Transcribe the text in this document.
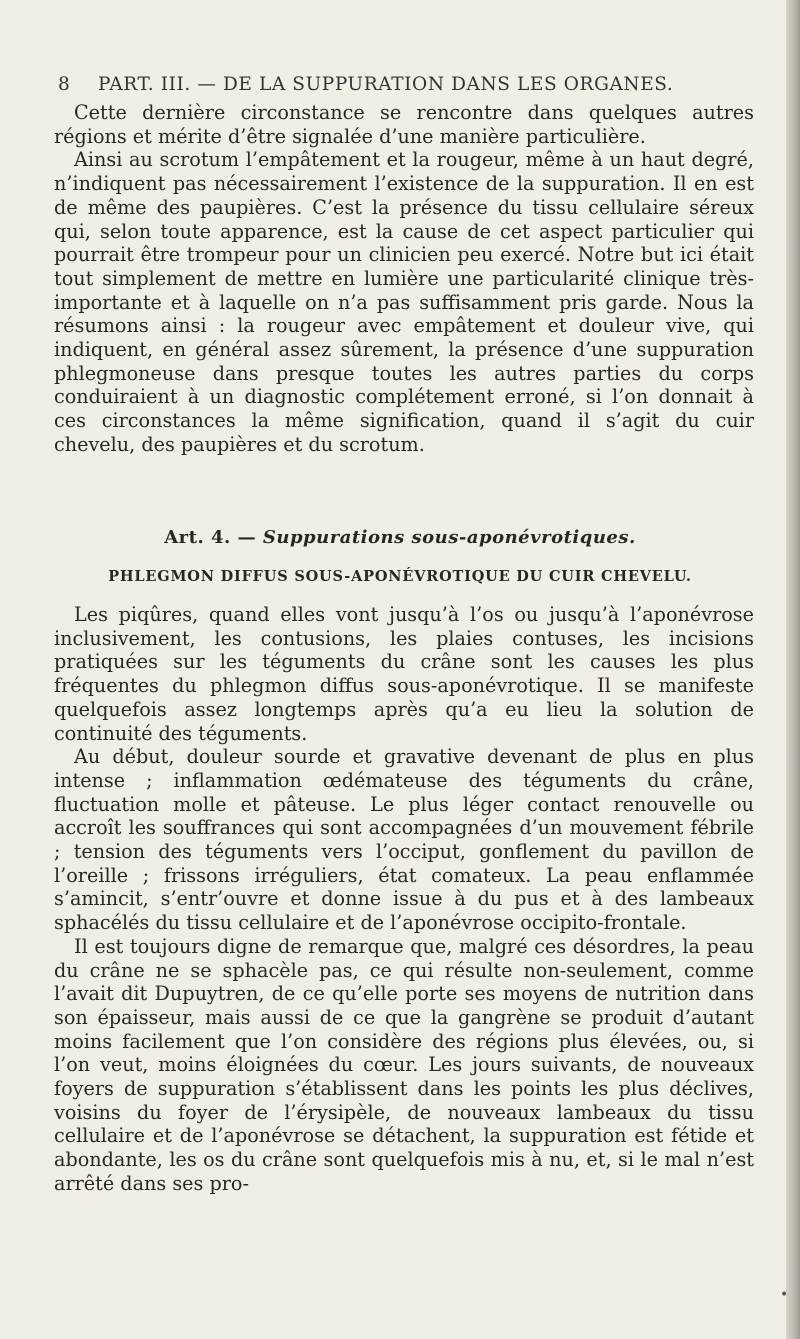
8 PART. III. — DE LA SUPPURATION DANS LES ORGANES.

Cette dernière circonstance se rencontre dans quelques autres régions et mérite d’être signalée d’une manière particulière.

Ainsi au scrotum l’empâtement et la rougeur, même à un haut degré, n’indiquent pas nécessairement l’existence de la suppuration. Il en est de même des paupières. C’est la présence du tissu cellulaire séreux qui, selon toute apparence, est la cause de cet aspect particulier qui pourrait être trompeur pour un clinicien peu exercé. Notre but ici était tout simplement de mettre en lumière une particularité clinique très-importante et à laquelle on n’a pas suffisamment pris garde. Nous la résumons ainsi : la rougeur avec empâtement et douleur vive, qui indiquent, en général assez sûrement, la présence d’une suppuration phlegmoneuse dans presque toutes les autres parties du corps conduiraient à un diagnostic complétement erroné, si l’on donnait à ces circonstances la même signification, quand il s’agit du cuir chevelu, des paupières et du scrotum.

Art. 4. — Suppurations sous-aponévrotiques.
PHLEGMON DIFFUS SOUS-APONÉVROTIQUE DU CUIR CHEVELU.

Les piqûres, quand elles vont jusqu’à l’os ou jusqu’à l’aponévrose inclusivement, les contusions, les plaies contuses, les incisions pratiquées sur les téguments du crâne sont les causes les plus fréquentes du phlegmon diffus sous-aponévrotique. Il se manifeste quelquefois assez longtemps après qu’a eu lieu la solution de continuité des téguments.

Au début, douleur sourde et gravative devenant de plus en plus intense ; inflammation œdémateuse des téguments du crâne, fluctuation molle et pâteuse. Le plus léger contact renouvelle ou accroît les souffrances qui sont accompagnées d’un mouvement fébrile ; tension des téguments vers l’occiput, gonflement du pavillon de l’oreille ; frissons irréguliers, état comateux. La peau enflammée s’amincit, s’entr’ouvre et donne issue à du pus et à des lambeaux sphacélés du tissu cellulaire et de l’aponévrose occipito-frontale.

Il est toujours digne de remarque que, malgré ces désordres, la peau du crâne ne se sphacèle pas, ce qui résulte non-seulement, comme l’avait dit Dupuytren, de ce qu’elle porte ses moyens de nutrition dans son épaisseur, mais aussi de ce que la gangrène se produit d’autant moins facilement que l’on considère des régions plus élevées, ou, si l’on veut, moins éloignées du cœur. Les jours suivants, de nouveaux foyers de suppuration s’établissent dans les points les plus déclives, voisins du foyer de l’érysipèle, de nouveaux lambeaux du tissu cellulaire et de l’aponévrose se détachent, la suppuration est fétide et abondante, les os du crâne sont quelquefois mis à nu, et, si le mal n’est arrêté dans ses pro-

•
